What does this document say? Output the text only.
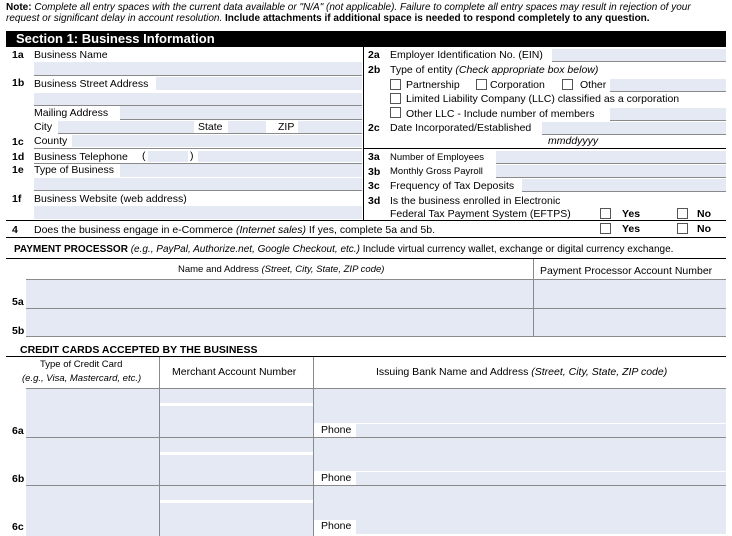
Note: Complete all entry spaces with the current data available or "N/A" (not applicable). Failure to complete all entry spaces may result in rejection of your request or significant delay in account resolution. Include attachments if additional space is needed to respond completely to any question.
Section 1: Business Information
1a Business Name
1b Business Street Address
Mailing Address
City	State	ZIP
1c County
1d Business Telephone (	)
1e Type of Business
1f Business Website (web address)
2a Employer Identification No. (EIN)
2b Type of entity (Check appropriate box below)
Partnership	Corporation	Other
Limited Liability Company (LLC) classified as a corporation
Other LLC - Include number of members
2c Date Incorporated/Established
mmddyyyy
3a Number of Employees
3b Monthly Gross Payroll
3c Frequency of Tax Deposits
3d Is the business enrolled in Electronic
Federal Tax Payment System (EFTPS)	Yes	No
4 Does the business engage in e-Commerce (Internet sales) If yes, complete 5a and 5b.	Yes	No
PAYMENT PROCESSOR (e.g., PayPal, Authorize.net, Google Checkout, etc.) Include virtual currency wallet, exchange or digital currency exchange.
Name and Address (Street, City, State, ZIP code)	Payment Processor Account Number
5a
5b
CREDIT CARDS ACCEPTED BY THE BUSINESS
Type of Credit Card
(e.g., Visa, Mastercard, etc.)
Merchant Account Number	Issuing Bank Name and Address (Street, City, State, ZIP code)
Phone
6a
Phone
6b
Phone
6c
